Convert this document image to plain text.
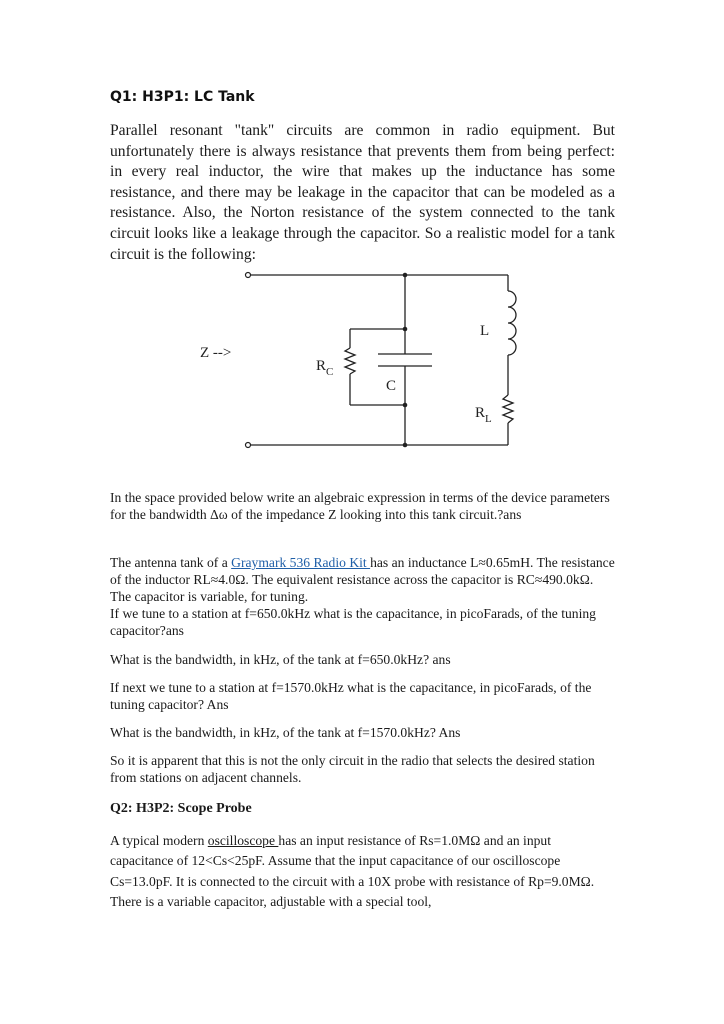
Q1: H3P1: LC Tank

Parallel resonant "tank" circuits are common in radio equipment. But unfortunately there is always resistance that prevents them from being perfect: in every real inductor, the wire that makes up the inductance has some resistance, and there may be leakage in the capacitor that can be modeled as a resistance. Also, the Norton resistance of the system connected to the tank circuit looks like a leakage through the capacitor. So a realistic model for a tank circuit is the following:

Z -->
$R_C$
C
L
$R_L$

In the space provided below write an algebraic expression in terms of the device parameters for the bandwidth Δω of the impedance Z looking into this tank circuit.?ans

The antenna tank of a Graymark 536 Radio Kit has an inductance L≈0.65mH. The resistance of the inductor RL≈4.0Ω. The equivalent resistance across the capacitor is RC≈490.0kΩ. The capacitor is variable, for tuning.

If we tune to a station at f=650.0kHz what is the capacitance, in picoFarads, of the tuning capacitor?ans

What is the bandwidth, in kHz, of the tank at f=650.0kHz? ans

If next we tune to a station at f=1570.0kHz what is the capacitance, in picoFarads, of the tuning capacitor? Ans

What is the bandwidth, in kHz, of the tank at f=1570.0kHz? Ans

So it is apparent that this is not the only circuit in the radio that selects the desired station from stations on adjacent channels.

Q2: H3P2: Scope Probe

A typical modern oscilloscope has an input resistance of Rs=1.0MΩ and an input capacitance of 12<Cs<25pF. Assume that the input capacitance of our oscilloscope Cs=13.0pF. It is connected to the circuit with a 10X probe with resistance of Rp=9.0MΩ. There is a variable capacitor, adjustable with a special tool,
